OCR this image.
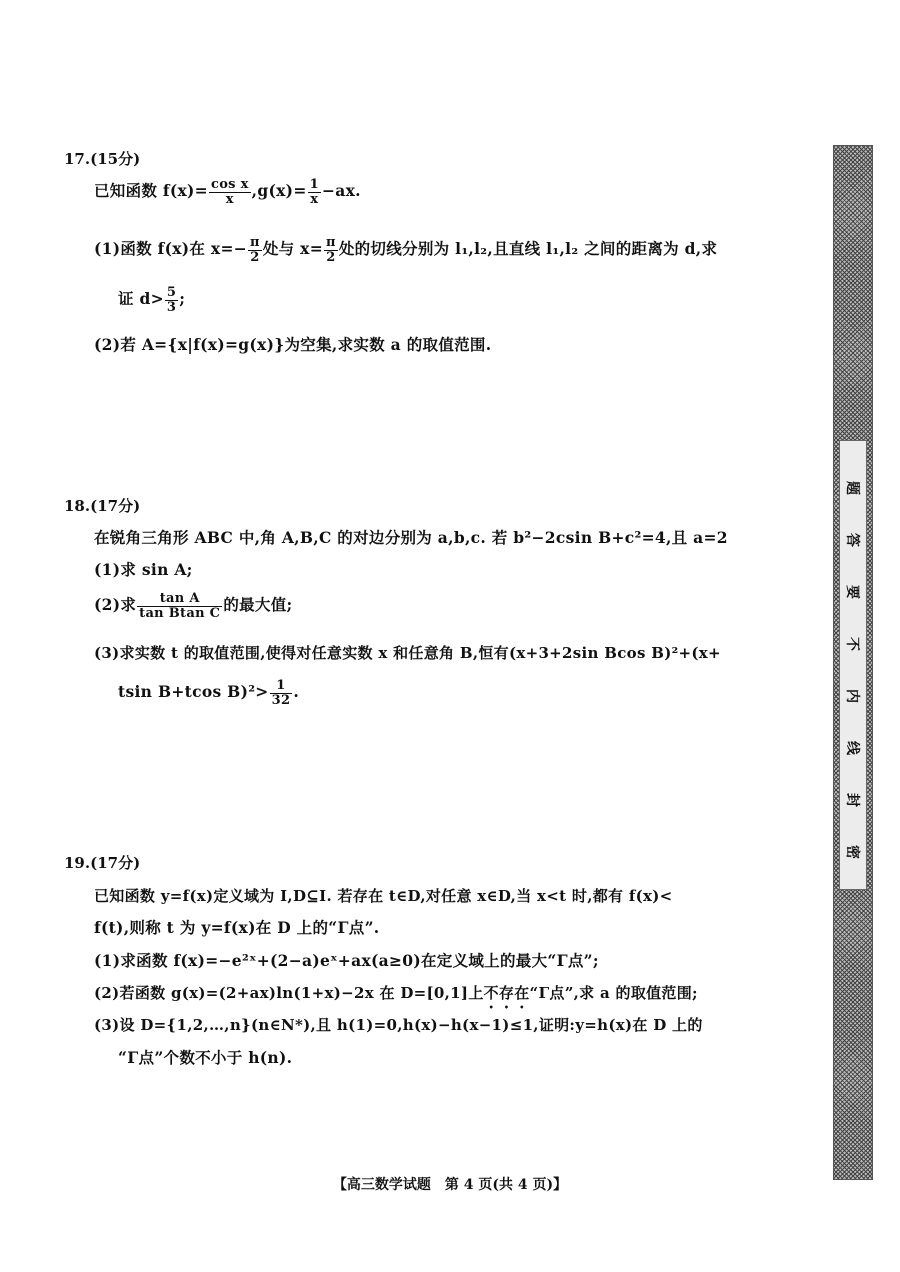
17.(15分)
已知函数 $f(x)= \frac{\text{cos x}}{x} ,g(x)= \frac{1}{x} -ax$.
(1)函数 f(x)在 $x=- \frac{\pi}{2}$ 处与 $x= \frac{\pi}{2}$ 处的切线分别为 l₁,l₂,且直线 l₁,l₂ 之间的距离为 d,求
证 $d> \frac{5}{3}$ ;
(2)若 A={x|f(x)=g(x)}为空集,求实数 a 的取值范围.
18.(17分)
在锐角三角形 ABC 中,角 A,B,C 的对边分别为 a,b,c. 若 b²−2csin B+c²=4,且 a=2
(1)求 sin A;
(2)求 $\frac{\text{tan A}}{\text{tan Btan C}}$ 的最大值;
(3)求实数 t 的取值范围,使得对任意实数 x 和任意角 B,恒有(x+3+2sin Bcos B)²+(x+
tsin B+tcos $B)^2> \frac{1}{32}$ .
19.(17分)
已知函数 y=f(x)定义域为 I,D⊆I. 若存在 t∈D,对任意 x∈D,当 x<t 时,都有 f(x)<
f(t),则称 t 为 y=f(x)在 D 上的“Γ点”.
(1)求函数 f(x)=−e²ˣ+(2−a)eˣ+ax(a≥0)在定义域上的最大“Γ点”;
(2)若函数 g(x)=(2+ax)ln(1+x)−2x 在 D=[0,1]上不存在“Γ点”,求 a 的取值范围;
(3)设 D={1,2,…,n}(n∈N*),且 h(1)=0,h(x)−h(x−1)≤1,证明:y=h(x)在 D 上的
“Γ点”个数不小于 h(n).
题
答
要
不
内
线
封
密
【高三数学试题　第 4 页(共 4 页)】
